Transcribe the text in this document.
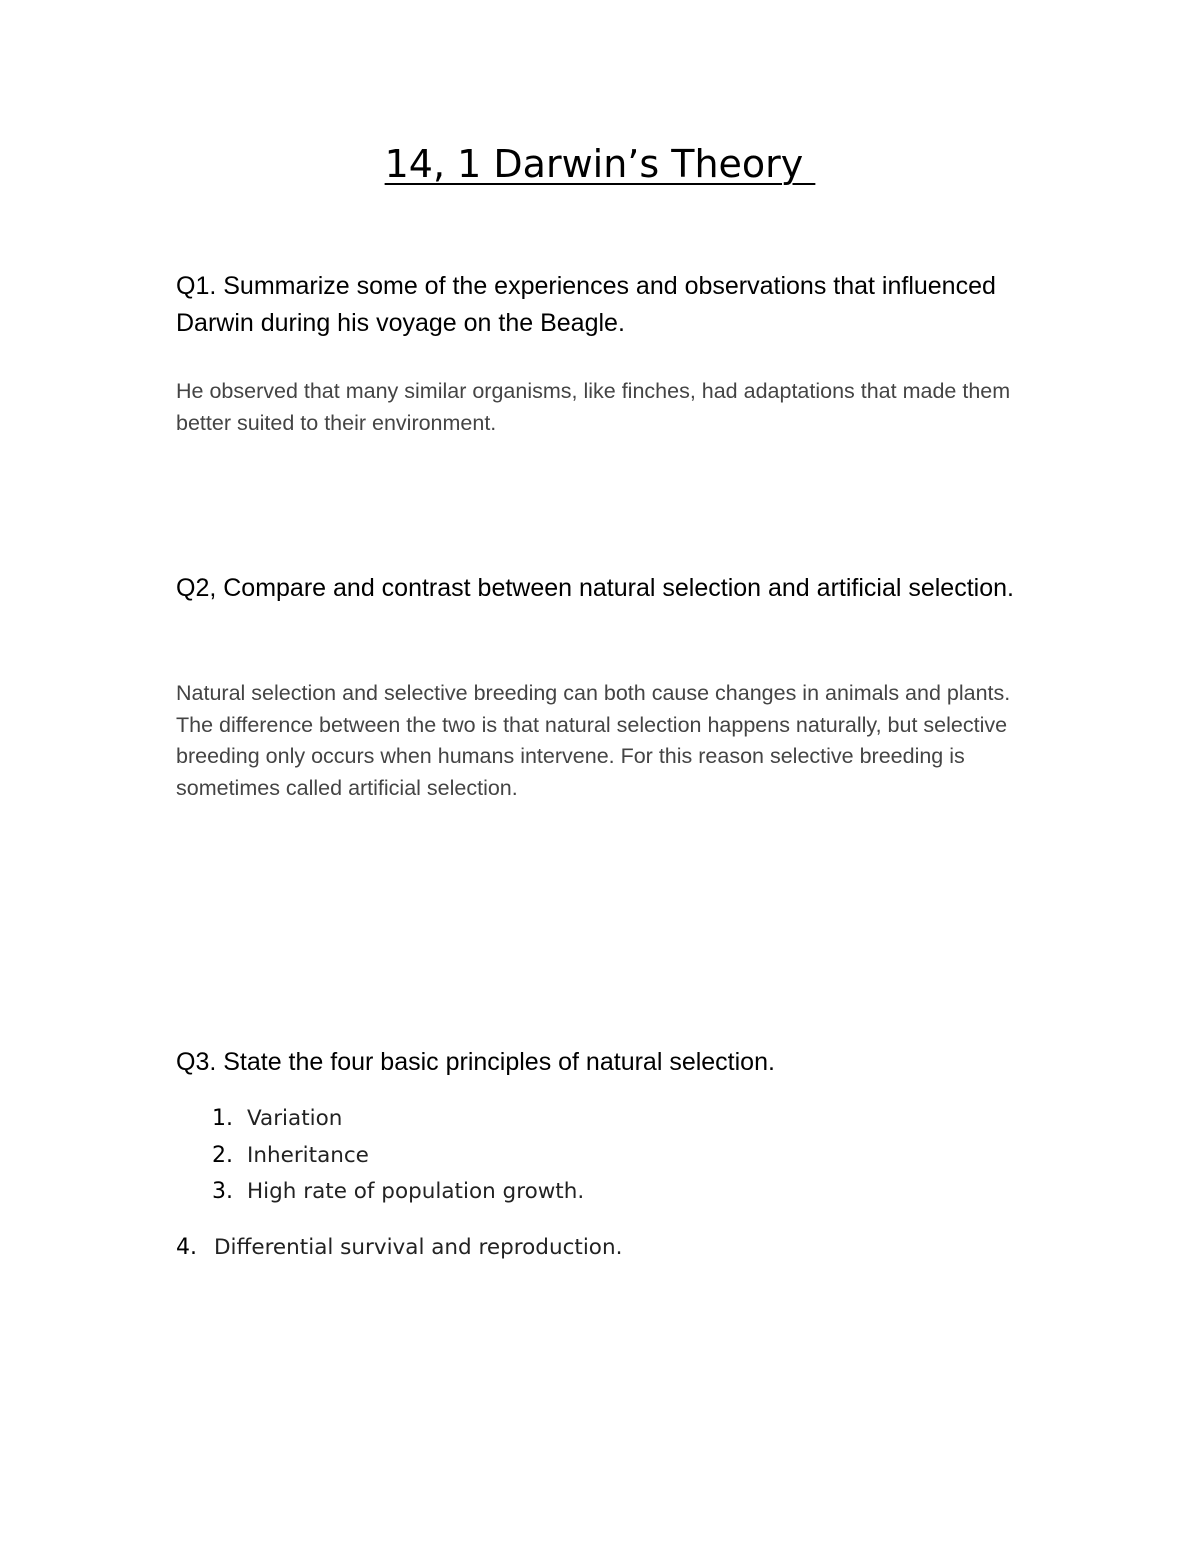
14, 1 Darwin’s Theory
Q1. Summarize some of the experiences and observations that influenced Darwin during his voyage on the Beagle.
He observed that many similar organisms, like finches, had adaptations that made them better suited to their environment.
Q2, Compare and contrast between natural selection and artificial selection.
Natural selection and selective breeding can both cause changes in animals and plants. The difference between the two is that natural selection happens naturally, but selective breeding only occurs when humans intervene. For this reason selective breeding is sometimes called artificial selection.
Q3. State the four basic principles of natural selection.
1. Variation
2. Inheritance
3. High rate of population growth.
4. Differential survival and reproduction.
